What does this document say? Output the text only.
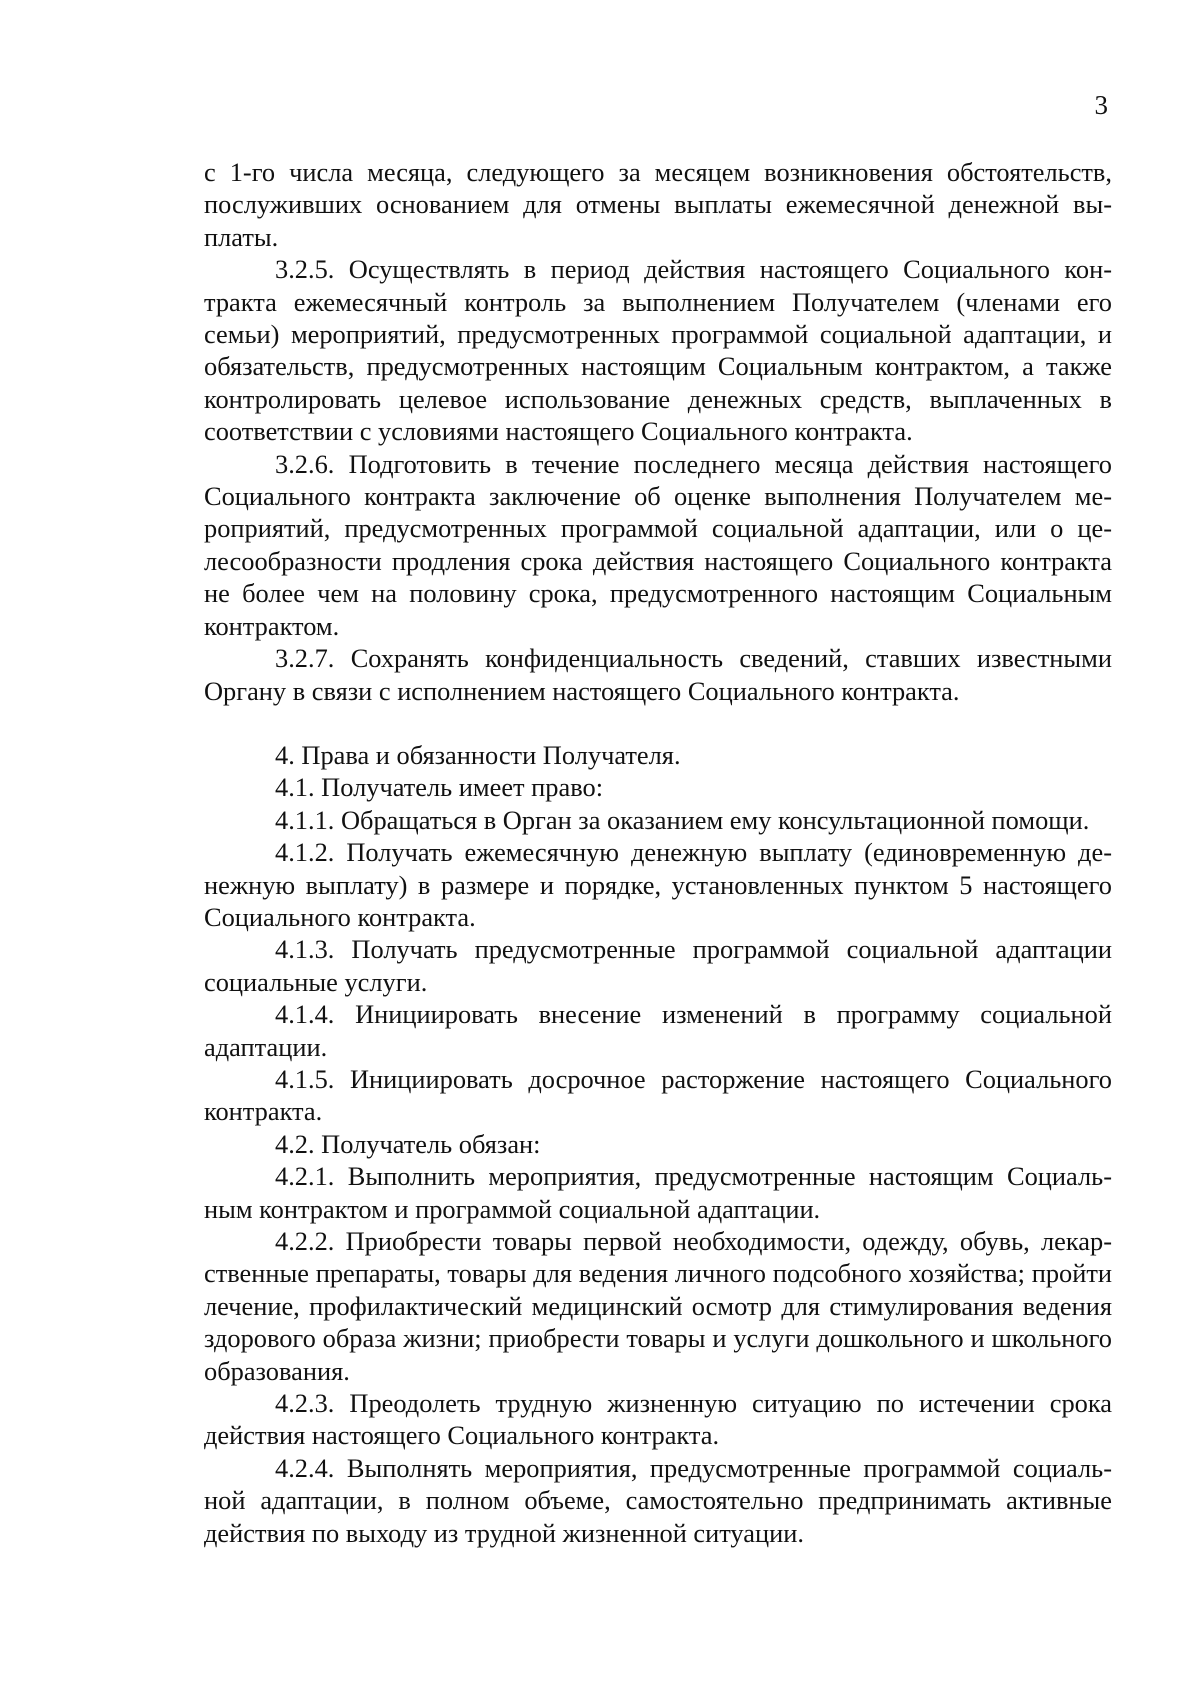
3

с 1-го числа месяца, следующего за месяцем возникновения обстоятельств, послуживших основанием для отмены выплаты ежемесячной денежной выплаты.

3.2.5. Осуществлять в период действия настоящего Социального контракта ежемесячный контроль за выполнением Получателем (членами его семьи) мероприятий, предусмотренных программой социальной адаптации, и обязательств, предусмотренных настоящим Социальным контрактом, а также контролировать целевое использование денежных средств, выплаченных в соответствии с условиями настоящего Социального контракта.

3.2.6. Подготовить в течение последнего месяца действия настоящего Социального контракта заключение об оценке выполнения Получателем мероприятий, предусмотренных программой социальной адаптации, или о целесообразности продления срока действия настоящего Социального контракта не более чем на половину срока, предусмотренного настоящим Социальным контрактом.

3.2.7. Сохранять конфиденциальность сведений, ставших известными Органу в связи с исполнением настоящего Социального контракта.

4. Права и обязанности Получателя.

4.1. Получатель имеет право:

4.1.1. Обращаться в Орган за оказанием ему консультационной помощи.

4.1.2. Получать ежемесячную денежную выплату (единовременную денежную выплату) в размере и порядке, установленных пунктом 5 настоящего Социального контракта.

4.1.3. Получать предусмотренные программой социальной адаптации социальные услуги.

4.1.4. Инициировать внесение изменений в программу социальной адаптации.

4.1.5. Инициировать досрочное расторжение настоящего Социального контракта.

4.2. Получатель обязан:

4.2.1. Выполнить мероприятия, предусмотренные настоящим Социальным контрактом и программой социальной адаптации.

4.2.2. Приобрести товары первой необходимости, одежду, обувь, лекарственные препараты, товары для ведения личного подсобного хозяйства; пройти лечение, профилактический медицинский осмотр для стимулирования ведения здорового образа жизни; приобрести товары и услуги дошкольного и школьного образования.

4.2.3. Преодолеть трудную жизненную ситуацию по истечении срока действия настоящего Социального контракта.

4.2.4. Выполнять мероприятия, предусмотренные программой социальной адаптации, в полном объеме, самостоятельно предпринимать активные действия по выходу из трудной жизненной ситуации.
